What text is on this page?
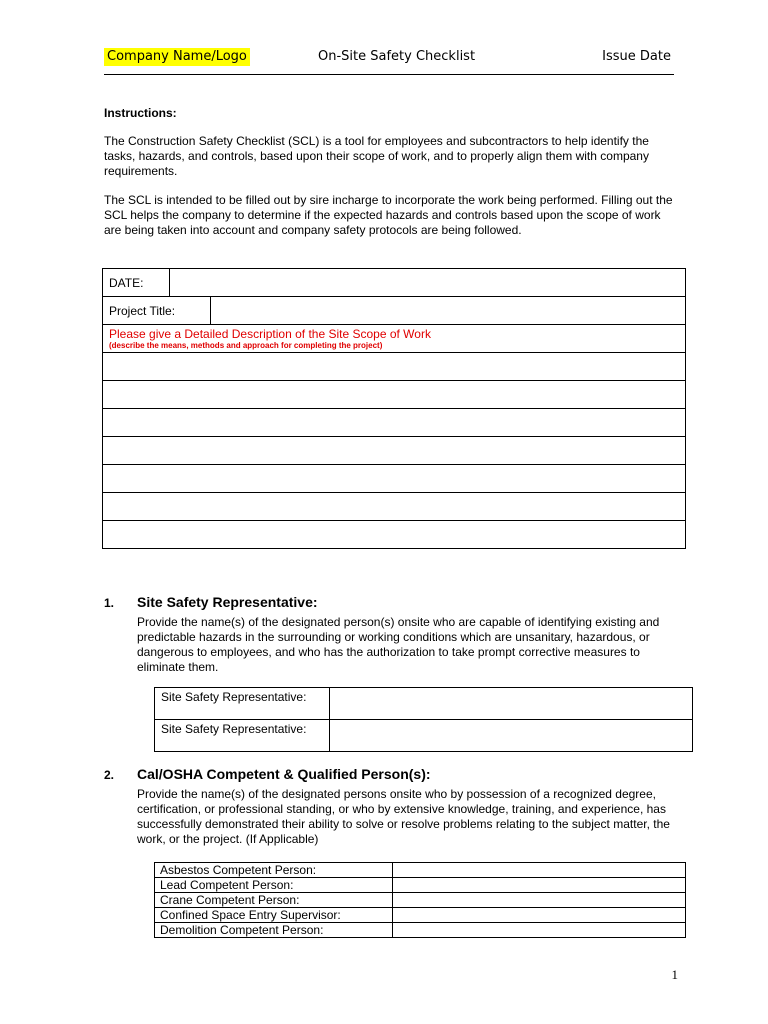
Company Name/Logo	On-Site Safety Checklist	Issue Date
Instructions:
The Construction Safety Checklist (SCL) is a tool for employees and subcontractors to help identify the tasks, hazards, and controls, based upon their scope of work, and to properly align them with company requirements.
The SCL is intended to be filled out by sire incharge to incorporate the work being performed. Filling out the SCL helps the company to determine if the expected hazards and controls based upon the scope of work are being taken into account and company safety protocols are being followed.
DATE:	

Project Title:	

Please give a Detailed Description of the Site Scope of Work
(describe the means, methods and approach for completing the project)

1. Site Safety Representative:
Provide the name(s) of the designated person(s) onsite who are capable of identifying existing and predictable hazards in the surrounding or working conditions which are unsanitary, hazardous, or dangerous to employees, and who has the authorization to take prompt corrective measures to eliminate them.
Site Safety Representative:	
Site Safety Representative:	
2. Cal/OSHA Competent & Qualified Person(s):
Provide the name(s) of the designated persons onsite who by possession of a recognized degree, certification, or professional standing, or who by extensive knowledge, training, and experience, has successfully demonstrated their ability to solve or resolve problems relating to the subject matter, the work, or the project. (If Applicable)
Asbestos Competent Person:	
Lead Competent Person:	
Crane Competent Person:	
Confined Space Entry Supervisor:	
Demolition Competent Person:	
1
